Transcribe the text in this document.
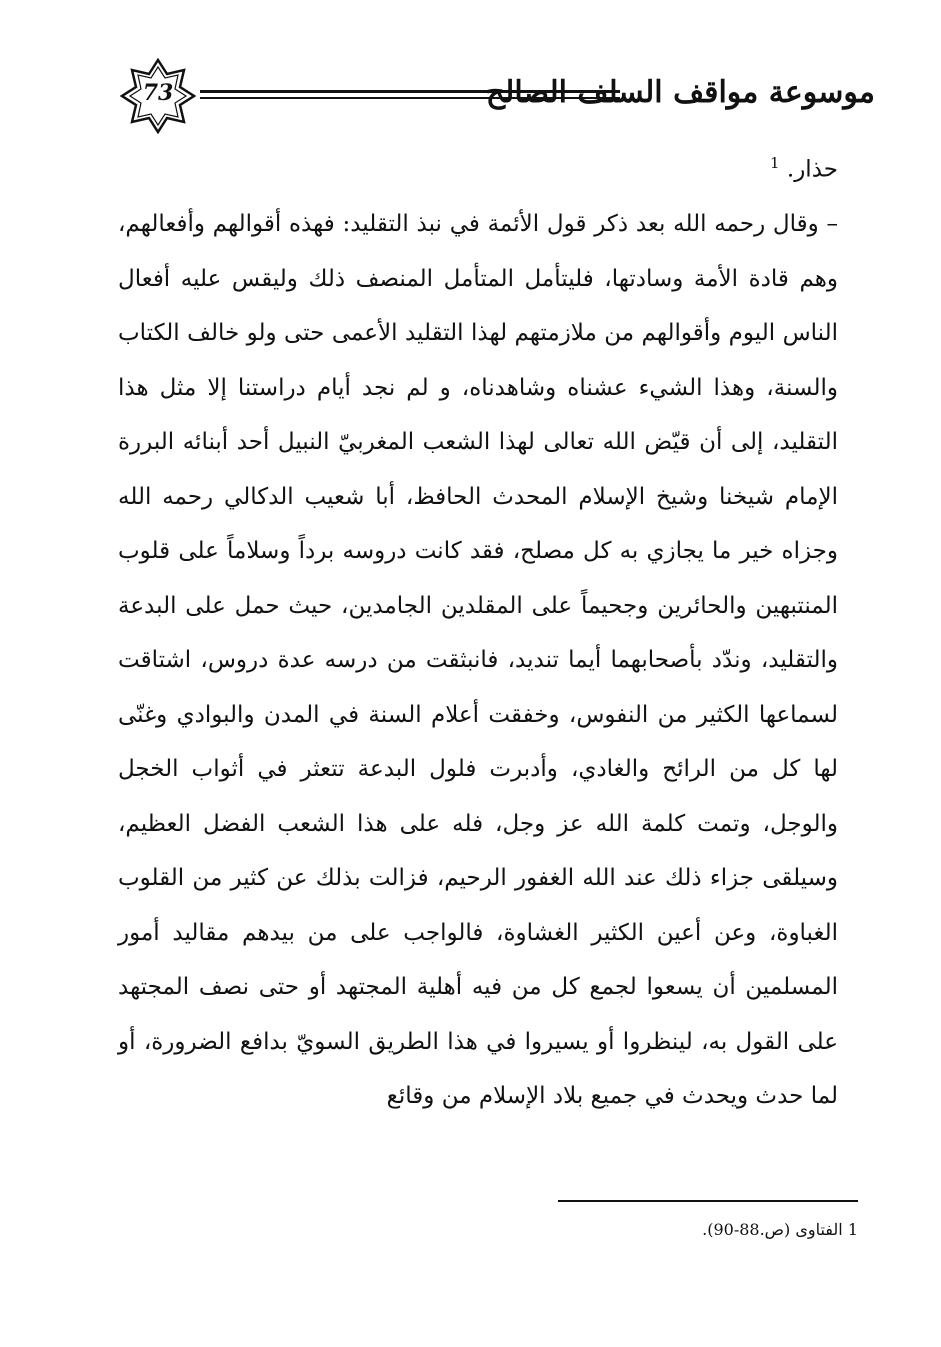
73	موسوعة مواقف السلف الصالح
حذار. $^1$
– وقال رحمه الله بعد ذكر قول الأئمة في نبذ التقليد: فهذه أقوالهم وأفعالهم، وهم قادة الأمة وسادتها، فليتأمل المتأمل المنصف ذلك وليقس عليه أفعال الناس اليوم وأقوالهم من ملازمتهم لهذا التقليد الأعمى حتى ولو خالف الكتاب والسنة، وهذا الشيء عشناه وشاهدناه، و لم نجد أيام دراستنا إلا مثل هذا التقليد، إلى أن قيّض الله تعالى لهذا الشعب المغربيّ النبيل أحد أبنائه البررة الإمام شيخنا وشيخ الإسلام المحدث الحافظ، أبا شعيب الدكالي رحمه الله وجزاه خير ما يجازي به كل مصلح، فقد كانت دروسه برداً وسلاماً على قلوب المنتبهين والحائرين وجحيماً على المقلدين الجامدين، حيث حمل على البدعة والتقليد، وندّد بأصحابهما أيما تنديد، فانبثقت من درسه عدة دروس، اشتاقت لسماعها الكثير من النفوس، وخفقت أعلام السنة في المدن والبوادي وغنّى لها كل من الرائح والغادي، وأدبرت فلول البدعة تتعثر في أثواب الخجل والوجل، وتمت كلمة الله عز وجل، فله على هذا الشعب الفضل العظيم، وسيلقى جزاء ذلك عند الله الغفور الرحيم، فزالت بذلك عن كثير من القلوب الغباوة، وعن أعين الكثير الغشاوة، فالواجب على من بيدهم مقاليد أمور المسلمين أن يسعوا لجمع كل من فيه أهلية المجتهد أو حتى نصف المجتهد على القول به، لينظروا أو يسيروا في هذا الطريق السويّ بدافع الضرورة، أو لما حدث ويحدث في جميع بلاد الإسلام من وقائع
1 الفتاوى (ص.88-90).
